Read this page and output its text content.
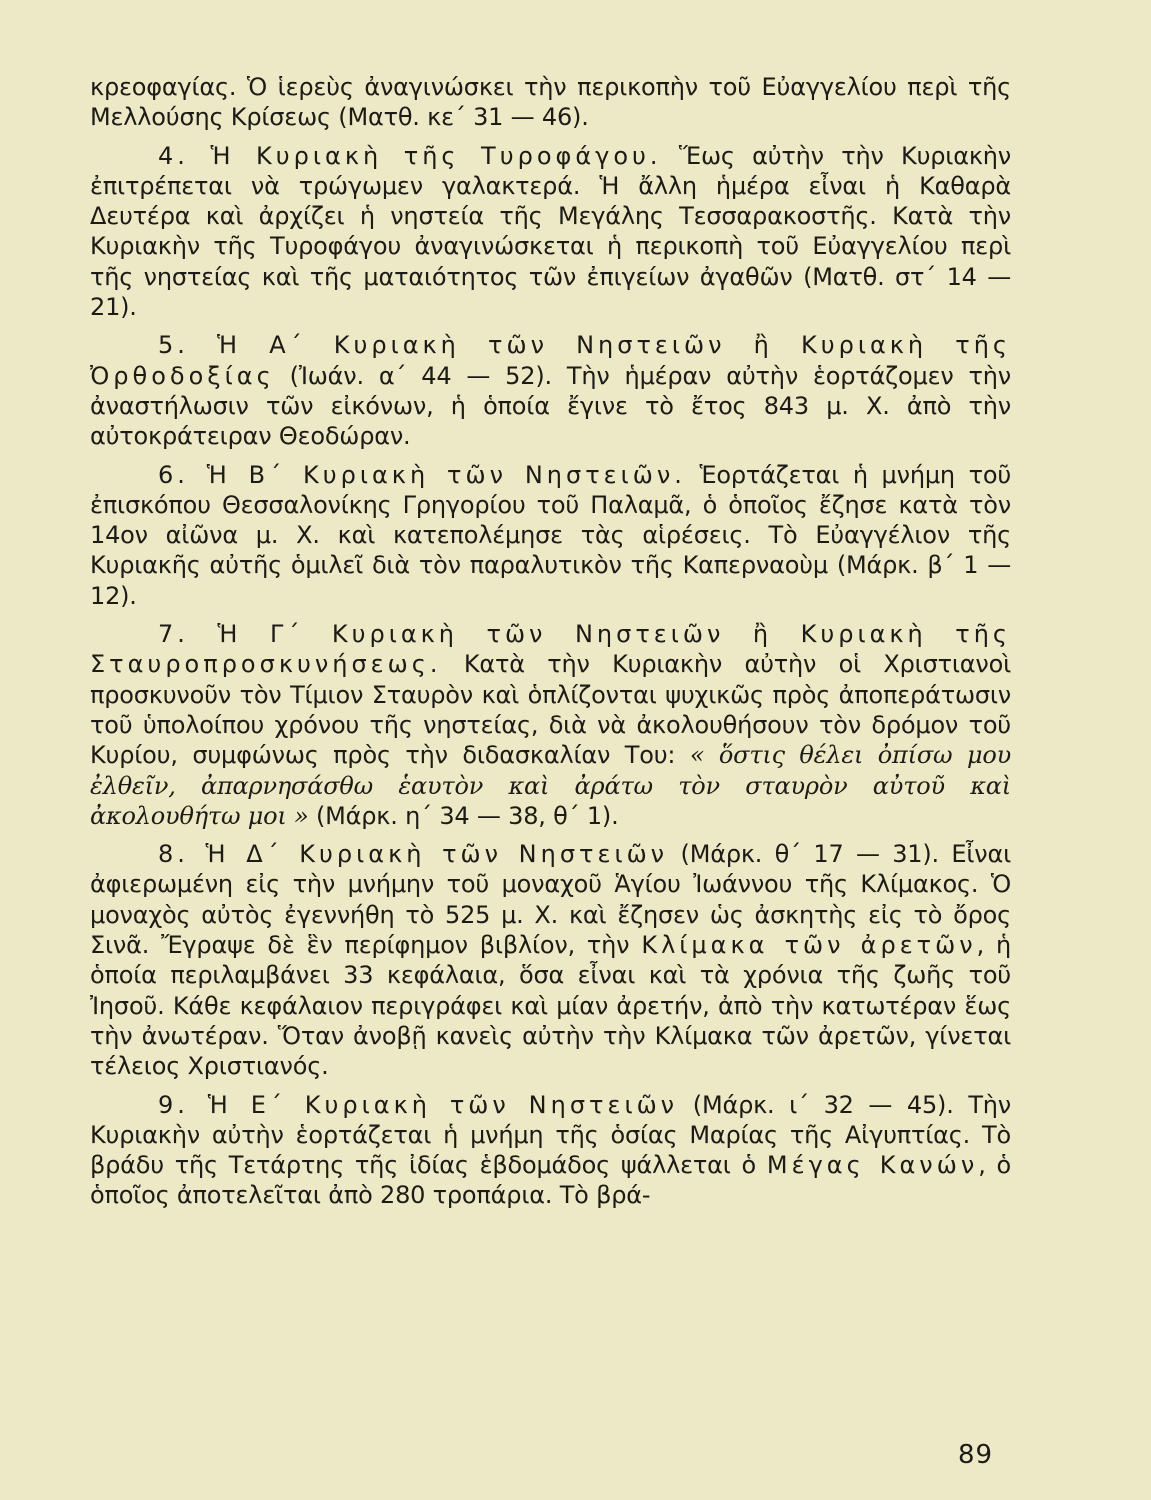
κρεοφαγίας. Ὁ ἱερεὺς ἀναγινώσκει τὴν περικοπὴν τοῦ Εὐαγγελίου περὶ τῆς Μελλούσης Κρίσεως (Ματθ. κε΄ 31 — 46).

4. Ἡ Κυριακὴ τῆς Τυροφάγου. Ἕως αὐτὴν τὴν Κυριακὴν ἐπιτρέπεται νὰ τρώγωμεν γαλακτερά. Ἡ ἄλλη ἡμέρα εἶναι ἡ Καθαρὰ Δευτέρα καὶ ἀρχίζει ἡ νηστεία τῆς Μεγάλης Τεσσαρακοστῆς. Κατὰ τὴν Κυριακὴν τῆς Τυροφάγου ἀναγινώσκεται ἡ περικοπὴ τοῦ Εὐαγγελίου περὶ τῆς νηστείας καὶ τῆς ματαιότητος τῶν ἐπιγείων ἀγαθῶν (Ματθ. στ΄ 14 — 21).

5. Ἡ Α΄ Κυριακὴ τῶν Νηστειῶν ἢ Κυριακὴ τῆς Ὀρθοδοξίας (Ἰωάν. α΄ 44 — 52). Τὴν ἡμέραν αὐτὴν ἑορτάζομεν τὴν ἀναστήλωσιν τῶν εἰκόνων, ἡ ὁποία ἔγινε τὸ ἔτος 843 μ. Χ. ἀπὸ τὴν αὐτοκράτειραν Θεοδώραν.

6. Ἡ Β΄ Κυριακὴ τῶν Νηστειῶν. Ἑορτάζεται ἡ μνήμη τοῦ ἐπισκόπου Θεσσαλονίκης Γρηγορίου τοῦ Παλαμᾶ, ὁ ὁποῖος ἔζησε κατὰ τὸν 14ον αἰῶνα μ. Χ. καὶ κατεπολέμησε τὰς αἱρέσεις. Τὸ Εὐαγγέλιον τῆς Κυριακῆς αὐτῆς ὁμιλεῖ διὰ τὸν παραλυτικὸν τῆς Καπερναοὺμ (Μάρκ. β΄ 1 — 12).

7. Ἡ Γ΄ Κυριακὴ τῶν Νηστειῶν ἢ Κυριακὴ τῆς Σταυροπροσκυνήσεως. Κατὰ τὴν Κυριακὴν αὐτὴν οἱ Χριστιανοὶ προσκυνοῦν τὸν Τίμιον Σταυρὸν καὶ ὁπλίζονται ψυχικῶς πρὸς ἀποπεράτωσιν τοῦ ὑπολοίπου χρόνου τῆς νηστείας, διὰ νὰ ἀκολουθήσουν τὸν δρόμον τοῦ Κυρίου, συμφώνως πρὸς τὴν διδασκαλίαν Του: « ὅστις θέλει ὀπίσω μου ἐλθεῖν, ἀπαρνησάσθω ἑαυτὸν καὶ ἀράτω τὸν σταυρὸν αὐτοῦ καὶ ἀκολουθήτω μοι » (Μάρκ. η΄ 34 — 38, θ΄ 1).

8. Ἡ Δ΄ Κυριακὴ τῶν Νηστειῶν (Μάρκ. θ΄ 17 — 31). Εἶναι ἀφιερωμένη εἰς τὴν μνήμην τοῦ μοναχοῦ Ἁγίου Ἰωάννου τῆς Κλίμακος. Ὁ μοναχὸς αὐτὸς ἐγεννήθη τὸ 525 μ. Χ. καὶ ἔζησεν ὡς ἀσκητὴς εἰς τὸ ὄρος Σινᾶ. Ἔγραψε δὲ ἓν περίφημον βιβλίον, τὴν Κλίμακα τῶν ἀρετῶν, ἡ ὁποία περιλαμβάνει 33 κεφάλαια, ὅσα εἶναι καὶ τὰ χρόνια τῆς ζωῆς τοῦ Ἰησοῦ. Κάθε κεφάλαιον περιγράφει καὶ μίαν ἀρετήν, ἀπὸ τὴν κατωτέραν ἕως τὴν ἀνωτέραν. Ὅταν ἀνοβῇ κανεὶς αὐτὴν τὴν Κλίμακα τῶν ἀρετῶν, γίνεται τέλειος Χριστιανός.

9. Ἡ Ε΄ Κυριακὴ τῶν Νηστειῶν (Μάρκ. ι΄ 32 — 45). Τὴν Κυριακὴν αὐτὴν ἑορτάζεται ἡ μνήμη τῆς ὁσίας Μαρίας τῆς Αἰγυπτίας. Τὸ βράδυ τῆς Τετάρτης τῆς ἰδίας ἑβδομάδος ψάλλεται ὁ Μέγας Κανών, ὁ ὁποῖος ἀποτελεῖται ἀπὸ 280 τροπάρια. Τὸ βρά-

89
